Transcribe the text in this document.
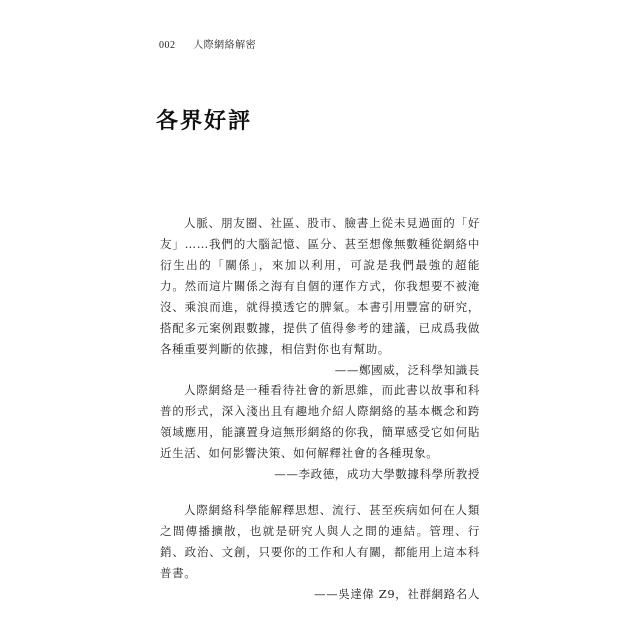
002 人際網絡解密
各界好評

人脈、朋友圈、社區、股市、臉書上從未見過面的「好友」……我們的大腦記憶、區分、甚至想像無數種從網絡中衍生出的「關係」，來加以利用，可說是我們最強的超能力。然而這片關係之海有自個的運作方式，你我想要不被淹沒、乘浪而進，就得摸透它的脾氣。本書引用豐富的研究，搭配多元案例跟數據，提供了值得參考的建議，已成爲我做各種重要判斷的依據，相信對你也有幫助。

——鄭國威，泛科學知識長

人際網絡是一種看待社會的新思維，而此書以故事和科普的形式，深入淺出且有趣地介紹人際網絡的基本概念和跨領域應用，能讓置身這無形網絡的你我，簡單感受它如何貼近生活、如何影響決策、如何解釋社會的各種現象。

——李政德，成功大學數據科學所教授

人際網絡科學能解釋思想、流行、甚至疾病如何在人類之間傳播擴散，也就是研究人與人之間的連結。管理、行銷、政治、文創，只要你的工作和人有關，都能用上這本科普書。

——吳達偉 Z9，社群網路名人
